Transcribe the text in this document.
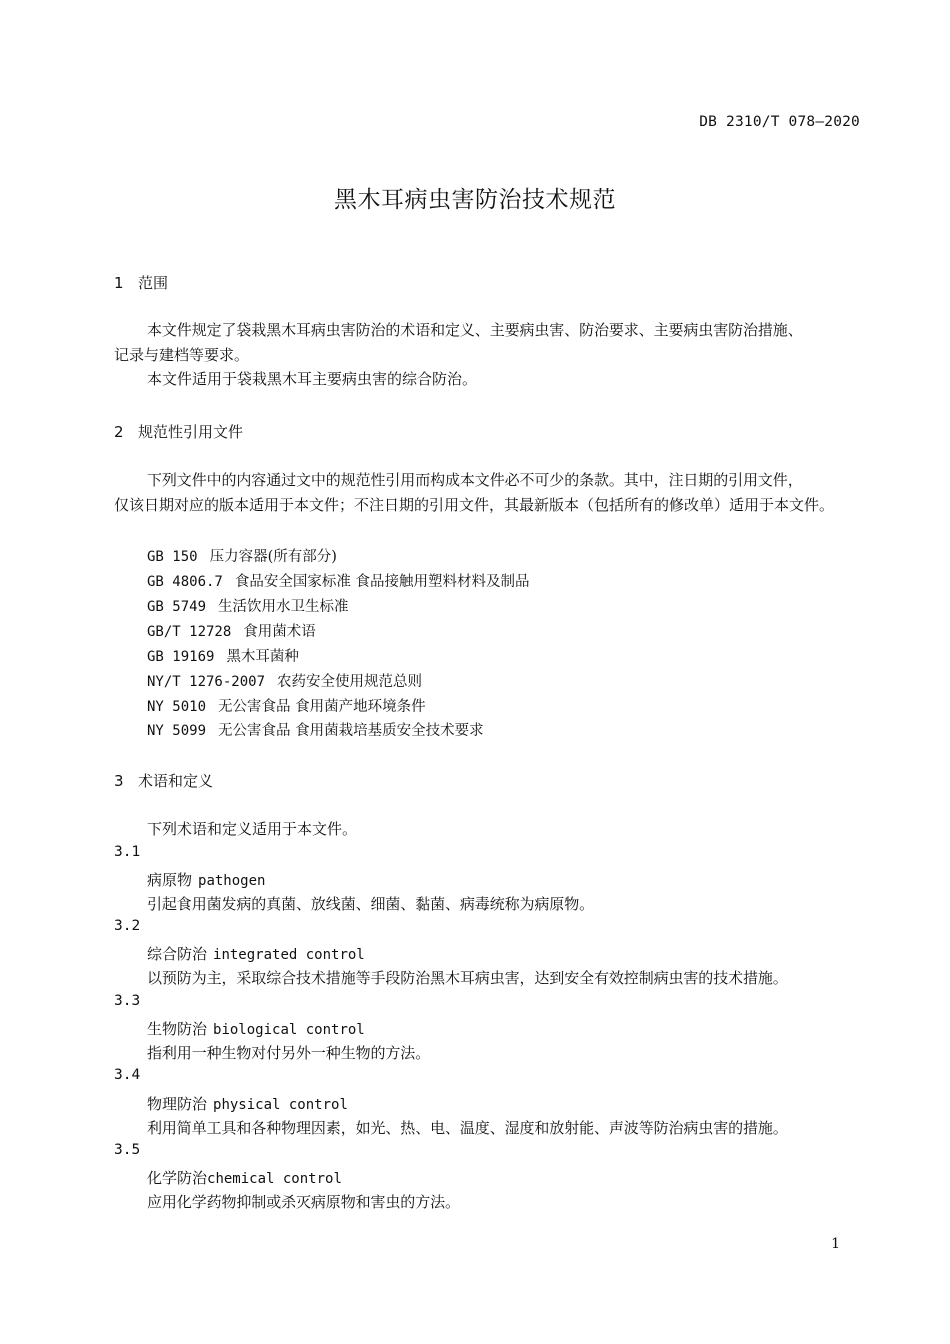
DB 2310/T 078—2020
黑木耳病虫害防治技术规范
1 范围
本文件规定了袋栽黑木耳病虫害防治的术语和定义、主要病虫害、防治要求、主要病虫害防治措施、
记录与建档等要求。
本文件适用于袋栽黑木耳主要病虫害的综合防治。
2 规范性引用文件
下列文件中的内容通过文中的规范性引用而构成本文件必不可少的条款。其中，注日期的引用文件，
仅该日期对应的版本适用于本文件；不注日期的引用文件，其最新版本（包括所有的修改单）适用于本文件。
GB 150 压力容器(所有部分)
GB 4806.7 食品安全国家标准 食品接触用塑料材料及制品
GB 5749 生活饮用水卫生标准
GB/T 12728 食用菌术语
GB 19169 黑木耳菌种
NY/T 1276-2007 农药安全使用规范总则
NY 5010 无公害食品 食用菌产地环境条件
NY 5099 无公害食品 食用菌栽培基质安全技术要求
3 术语和定义
下列术语和定义适用于本文件。
3.1
病原物 pathogen
引起食用菌发病的真菌、放线菌、细菌、黏菌、病毒统称为病原物。
3.2
综合防治 integrated control
以预防为主，采取综合技术措施等手段防治黑木耳病虫害，达到安全有效控制病虫害的技术措施。
3.3
生物防治 biological control
指利用一种生物对付另外一种生物的方法。
3.4
物理防治 physical control
利用简单工具和各种物理因素，如光、热、电、温度、湿度和放射能、声波等防治病虫害的措施。
3.5
化学防治chemical control
应用化学药物抑制或杀灭病原物和害虫的方法。
1
